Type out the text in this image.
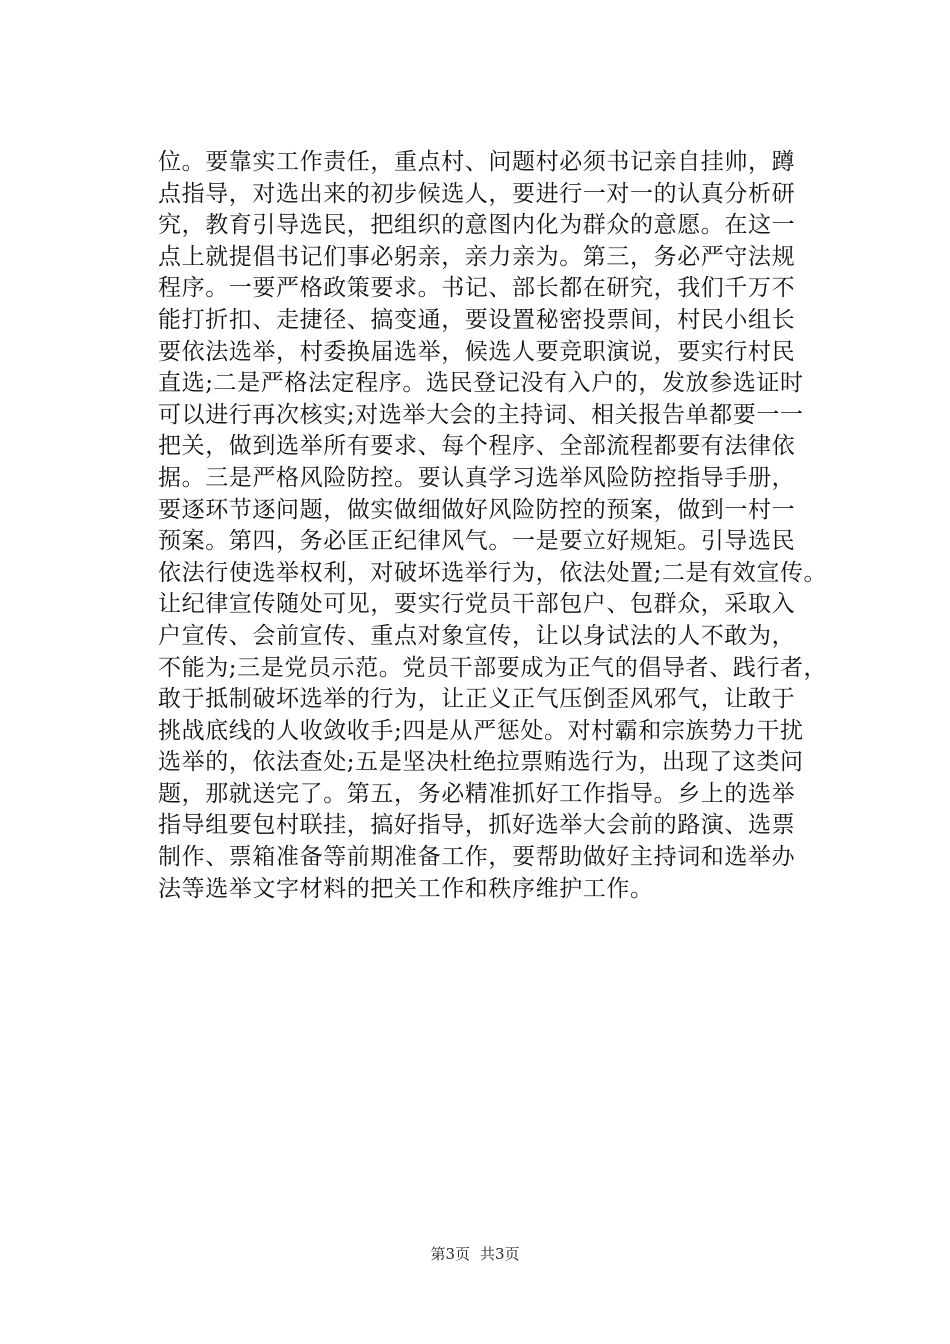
位。要靠实工作责任，重点村、问题村必须书记亲自挂帅，蹲
点指导，对选出来的初步候选人，要进行一对一的认真分析研
究，教育引导选民，把组织的意图内化为群众的意愿。在这一
点上就提倡书记们事必躬亲，亲力亲为。第三，务必严守法规
程序。一要严格政策要求。书记、部长都在研究，我们千万不
能打折扣、走捷径、搞变通，要设置秘密投票间，村民小组长
要依法选举，村委换届选举，候选人要竞职演说，要实行村民
直选;二是严格法定程序。选民登记没有入户的，发放参选证时
可以进行再次核实;对选举大会的主持词、相关报告单都要一一
把关，做到选举所有要求、每个程序、全部流程都要有法律依
据。三是严格风险防控。要认真学习选举风险防控指导手册，
要逐环节逐问题，做实做细做好风险防控的预案，做到一村一
预案。第四，务必匡正纪律风气。一是要立好规矩。引导选民
依法行使选举权利，对破坏选举行为，依法处置;二是有效宣传。
让纪律宣传随处可见，要实行党员干部包户、包群众，采取入
户宣传、会前宣传、重点对象宣传，让以身试法的人不敢为，
不能为;三是党员示范。党员干部要成为正气的倡导者、践行者，
敢于抵制破坏选举的行为，让正义正气压倒歪风邪气，让敢于
挑战底线的人收敛收手;四是从严惩处。对村霸和宗族势力干扰
选举的，依法查处;五是坚决杜绝拉票贿选行为，出现了这类问
题，那就送完了。第五，务必精准抓好工作指导。乡上的选举
指导组要包村联挂，搞好指导，抓好选举大会前的路演、选票
制作、票箱准备等前期准备工作，要帮助做好主持词和选举办
法等选举文字材料的把关工作和秩序维护工作。
第3页 共3页
